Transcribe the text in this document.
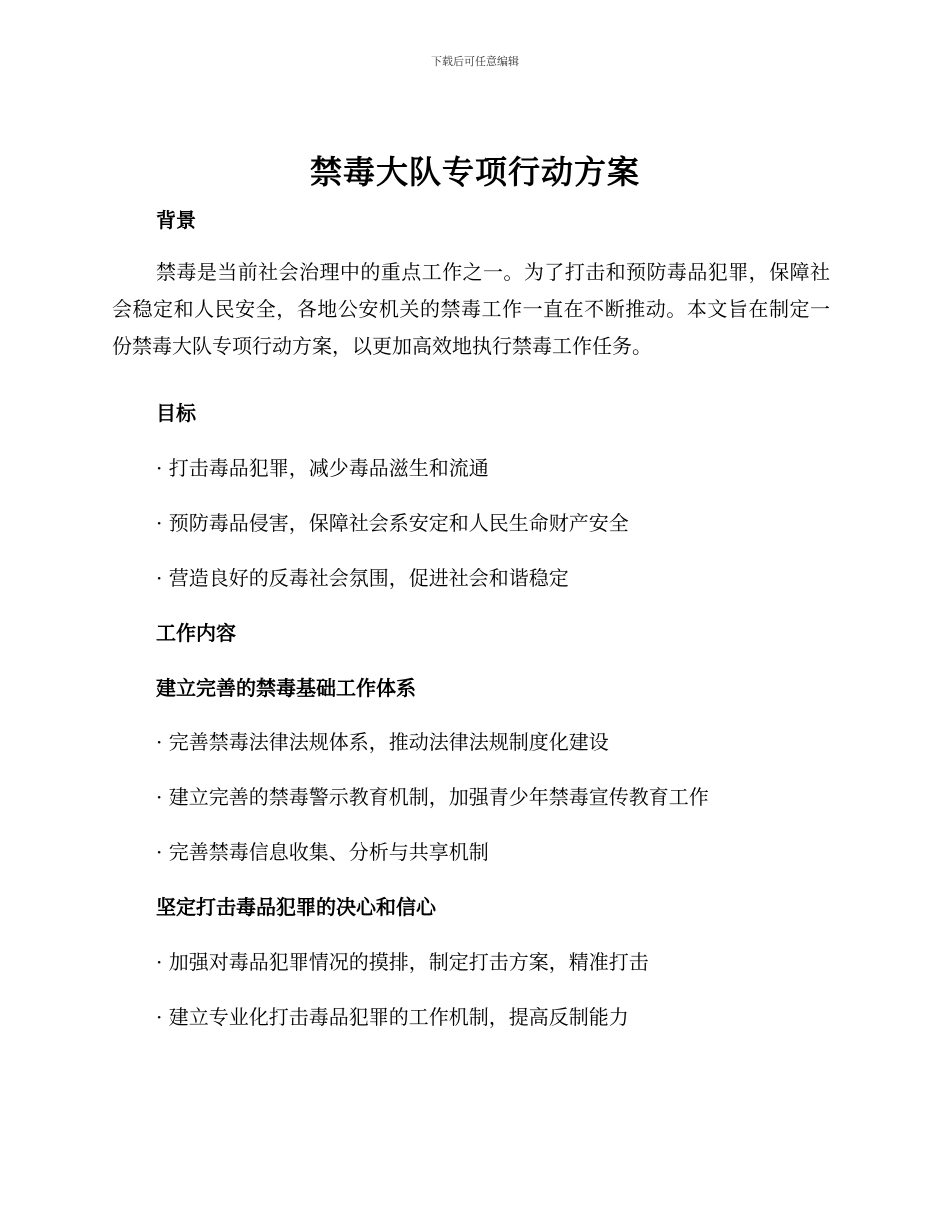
下载后可任意编辑
禁毒大队专项行动方案
背景
禁毒是当前社会治理中的重点工作之一。为了打击和预防毒品犯罪，保障社会稳定和人民安全，各地公安机关的禁毒工作一直在不断推动。本文旨在制定一份禁毒大队专项行动方案，以更加高效地执行禁毒工作任务。
目标
· 打击毒品犯罪，减少毒品滋生和流通
· 预防毒品侵害，保障社会系安定和人民生命财产安全
· 营造良好的反毒社会氛围，促进社会和谐稳定
工作内容
建立完善的禁毒基础工作体系
· 完善禁毒法律法规体系，推动法律法规制度化建设
· 建立完善的禁毒警示教育机制，加强青少年禁毒宣传教育工作
· 完善禁毒信息收集、分析与共享机制
坚定打击毒品犯罪的决心和信心
· 加强对毒品犯罪情况的摸排，制定打击方案，精准打击
· 建立专业化打击毒品犯罪的工作机制，提高反制能力
